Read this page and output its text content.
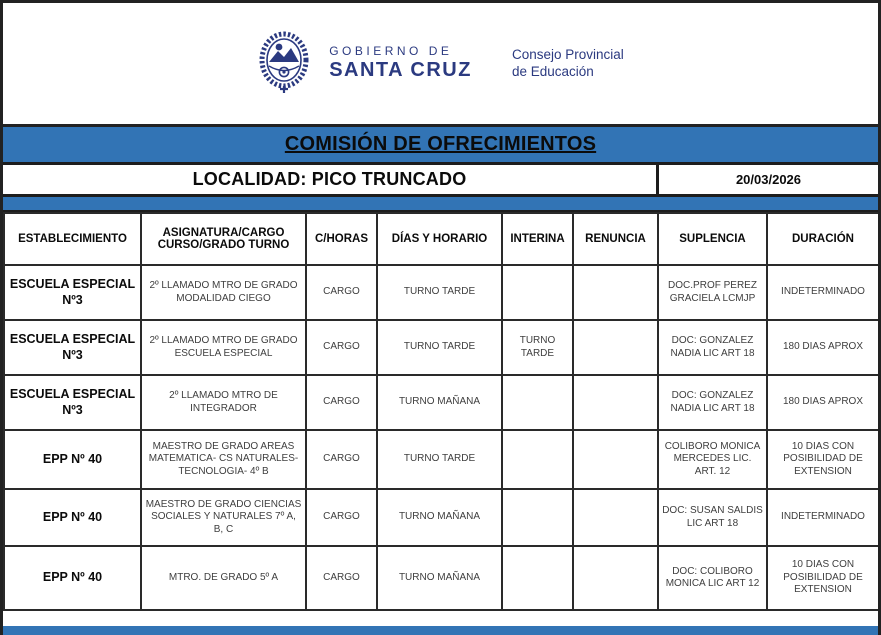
GOBIERNO DE
SANTA CRUZ
Consejo Provincial
de Educación
COMISIÓN DE OFRECIMIENTOS
LOCALIDAD: PICO TRUNCADO	20/03/2026
ESTABLECIMIENTO	ASIGNATURA/CARGO CURSO/GRADO TURNO	C/HORAS	DÍAS Y HORARIO	INTERINA	RENUNCIA	SUPLENCIA	DURACIÓN
ESCUELA ESPECIAL Nº3	2º LLAMADO MTRO DE GRADO MODALIDAD CIEGO	CARGO	TURNO TARDE			DOC.PROF PEREZ GRACIELA LCMJP	INDETERMINADO
ESCUELA ESPECIAL Nº3	2º LLAMADO MTRO DE GRADO ESCUELA ESPECIAL	CARGO	TURNO TARDE	TURNO TARDE		DOC: GONZALEZ NADIA LIC ART 18	180 DIAS APROX
ESCUELA ESPECIAL Nº3	2º LLAMADO MTRO DE INTEGRADOR	CARGO	TURNO MAÑANA			DOC: GONZALEZ NADIA LIC ART 18	180 DIAS APROX
EPP Nº 40	MAESTRO DE GRADO AREAS MATEMATICA- CS NATURALES- TECNOLOGIA- 4º B	CARGO	TURNO TARDE			COLIBORO MONICA MERCEDES LIC. ART. 12	10 DIAS CON POSIBILIDAD DE EXTENSION
EPP Nº 40	MAESTRO DE GRADO CIENCIAS SOCIALES Y NATURALES 7º A, B, C	CARGO	TURNO MAÑANA			DOC: SUSAN SALDIS LIC ART 18	INDETERMINADO
EPP Nº 40	MTRO. DE GRADO 5º A	CARGO	TURNO MAÑANA			DOC: COLIBORO MONICA LIC ART 12	10 DIAS CON POSIBILIDAD DE EXTENSION
